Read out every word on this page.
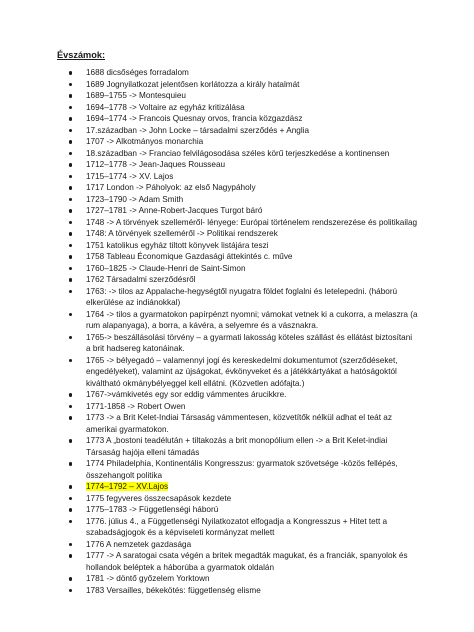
Évszámok:
1688 dicsőséges forradalom
1689 Jognyilatkozat jelentősen korlátozza a király hatalmát
1689–1755 -> Montesquieu
1694–1778 -> Voltaire az egyház kritizálása
1694–1774 -> Francois Quesnay orvos, francia közgazdász
17.században -> John Locke – társadalmi szerződés + Anglia
1707 -> Alkotmányos monarchia
18.században -> Franciao felvilágosodása széles körű terjeszkedése a kontinensen
1712–1778 -> Jean-Jaques Rousseau
1715–1774 -> XV. Lajos
1717 London -> Páholyok: az első Nagypáholy
1723–1790 -> Adam Smith
1727–1781 -> Anne-Robert-Jacques Turgot báró
1748 -> A törvények szelleméről- lényege: Európai történelem rendszerezése és politikailag
1748: A törvények szelleméről -> Politikai rendszerek
1751 katolikus egyház tiltott könyvek listájára teszi
1758 Tableau Économique Gazdasági áttekintés c. műve
1760–1825 -> Claude-Henri de Saint-Simon
1762 Társadalmi szerződésről
1763: -> tilos az Appalache-hegységtől nyugatra földet foglalni és letelepedni. (háború elkerülése az indiánokkal)
1764 -> tilos a gyarmatokon papírpénzt nyomni; vámokat vetnek ki a cukorra, a melaszra (a rum alapanyaga), a borra, a kávéra, a selyemre és a vásznakra.
1765-> beszállásolási törvény – a gyarmati lakosság köteles szállást és ellátást biztosítani a brit hadsereg katonáinak.
1765 -> bélyegadó – valamennyi jogi és kereskedelmi dokumentumot (szerződéseket, engedélyeket), valamint az újságokat, évkönyveket és a játékkártyákat a hatóságoktól kiváltható okmánybélyeggel kell ellátni. (Közvetlen adófajta.)
1767->vámkivetés egy sor eddig vámmentes árucikkre.
1771-1858 -> Robert Owen
1773 -> a Brit Kelet-Indiai Társaság vámmentesen, közvetítők nélkül adhat el teát az amerikai gyarmatokon.
1773 A „bostoni teadélután + tiltakozás a brit monopólium ellen -> a Brit Kelet-indiai Társaság hajója elleni támadás
1774 Philadelphia, Kontinentális Kongresszus: gyarmatok szövetsége -közös fellépés, összehangolt politika
1774–1792 – XV.Lajos
1775 fegyveres összecsapások kezdete
1775–1783 -> Függetlenségi háború
1776. július 4., a Függetlenségi Nyilatkozatot elfogadja a Kongresszus + Hitet tett a szabadságjogok és a képviseleti kormányzat mellett
1776 A nemzetek gazdasága
1777 -> A saratogai csata végén a britek megadták magukat, és a franciák, spanyolok és hollandok beléptek a háborúba a gyarmatok oldalán
1781 -> döntő győzelem Yorktown
1783 Versailles, békekötés: függetlenség elisme
